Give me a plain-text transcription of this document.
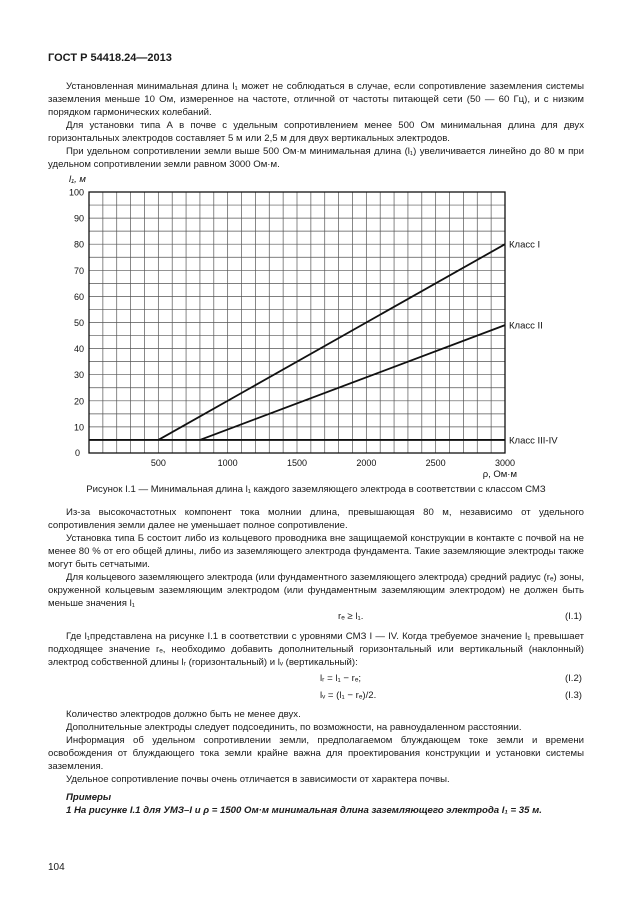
ГОСТ Р 54418.24—2013
Установленная минимальная длина l₁ может не соблюдаться в случае, если сопротивление заземления системы заземления меньше 10 Ом, измеренное на частоте, отличной от частоты питающей сети (50 — 60 Гц), и с низким порядком гармонических колебаний.
Для установки типа А в почве с удельным сопротивлением менее 500 Ом минимальная длина для двух горизонтальных электродов составляет 5 м или 2,5 м для двух вертикальных электродов.
При удельном сопротивлении земли выше 500 Ом·м минимальная длина (l₁) увеличивается линейно до 80 м при удельном сопротивлении земли равном 3000 Ом·м.
10
20
30
40
50
60
70
80
90
100
500	1000	1500	2000	2500	3000
0
l₁, м
ρ, Ом·м
Класс I
Класс II
Класс III-IV
Рисунок I.1 — Минимальная длина l₁ каждого заземляющего электрода в соответствии с классом СМЗ
Из-за высокочастотных компонент тока молнии длина, превышающая 80 м, независимо от удельного сопротивления земли далее не уменьшает полное сопротивление.
Установка типа Б состоит либо из кольцевого проводника вне защищаемой конструкции в контакте с почвой на не менее 80 % от его общей длины, либо из заземляющего электрода фундамента. Такие заземляющие электроды также могут быть сетчатыми.
Для кольцевого заземляющего электрода (или фундаментного заземляющего электрода) средний радиус (rₑ) зоны, окруженной кольцевым заземляющим электродом (или фундаментным заземляющим электродом) не должен быть меньше значения l₁
rₑ ≥ l₁.	(I.1)
Где l₁представлена на рисунке I.1 в соответствии с уровнями СМЗ I — IV. Когда требуемое значение l₁ превышает подходящее значение rₑ, необходимо добавить дополнительный горизонтальный или вертикальный (наклонный) электрод собственной длины lᵣ (горизонтальный) и lᵥ (вертикальный):
lᵣ = l₁ − rₑ;	(I.2)
lᵥ = (l₁ − rₑ)/2.	(I.3)
Количество электродов должно быть не менее двух.
Дополнительные электроды следует подсоединить, по возможности, на равноудаленном расстоянии.
Информация об удельном сопротивлении земли, предполагаемом блуждающем токе земли и времени освобождения от блуждающего тока земли крайне важна для проектирования конструкции и установки системы заземления.
Удельное сопротивление почвы очень отличается в зависимости от характера почвы.
Примеры
1 На рисунке I.1 для УМЗ–I и ρ = 1500 Ом·м минимальная длина заземляющего электрода l₁ = 35 м.
104
